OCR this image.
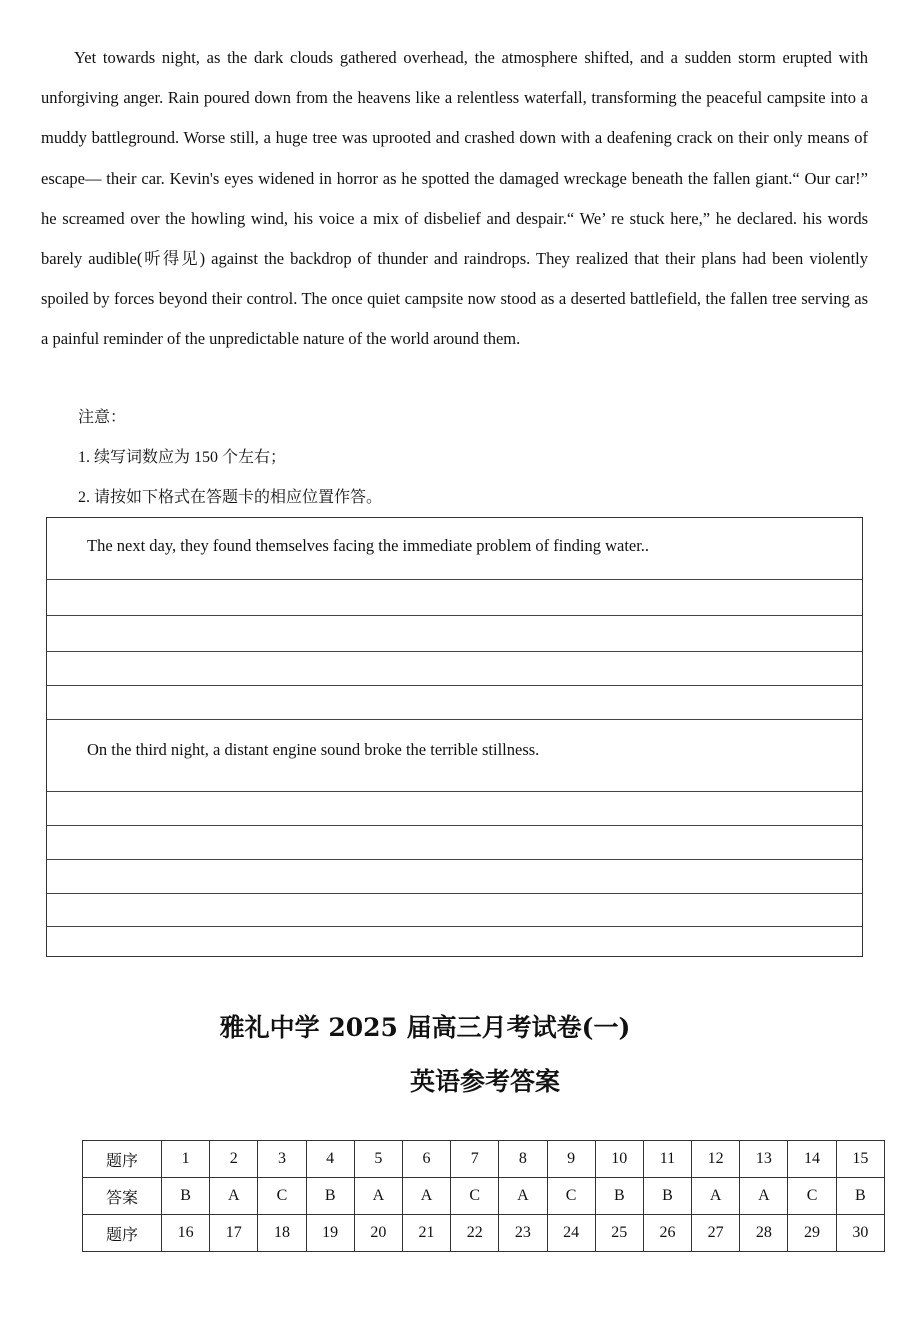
Yet towards night, as the dark clouds gathered overhead, the atmosphere shifted, and a sudden storm erupted with unforgiving anger. Rain poured down from the heavens like a relentless waterfall, transforming the peaceful campsite into a muddy battleground. Worse still, a huge tree was uprooted and crashed down with a deafening crack on their only means of escape— their car. Kevin's eyes widened in horror as he spotted the damaged wreckage beneath the fallen giant.“ Our car!” he screamed over the howling wind, his voice a mix of disbelief and despair.“ We’ re stuck here,” he declared. his words barely audible(听得见) against the backdrop of thunder and raindrops. They realized that their plans had been violently spoiled by forces beyond their control. The once quiet campsite now stood as a deserted battlefield, the fallen tree serving as a painful reminder of the unpredictable nature of the world around them.

注意：
1. 续写词数应为 150 个左右；
2. 请按如下格式在答题卡的相应位置作答。
The next day, they found themselves facing the immediate problem of finding water..
On the third night, a distant engine sound broke the terrible stillness.
雅礼中学 2025 届高三月考试卷(一)
英语参考答案
题序	1	2	3	4	5	6	7	8	9	10	11	12	13	14	15
答案	B	A	C	B	A	A	C	A	C	B	B	A	A	C	B
题序	16	17	18	19	20	21	22	23	24	25	26	27	28	29	30
